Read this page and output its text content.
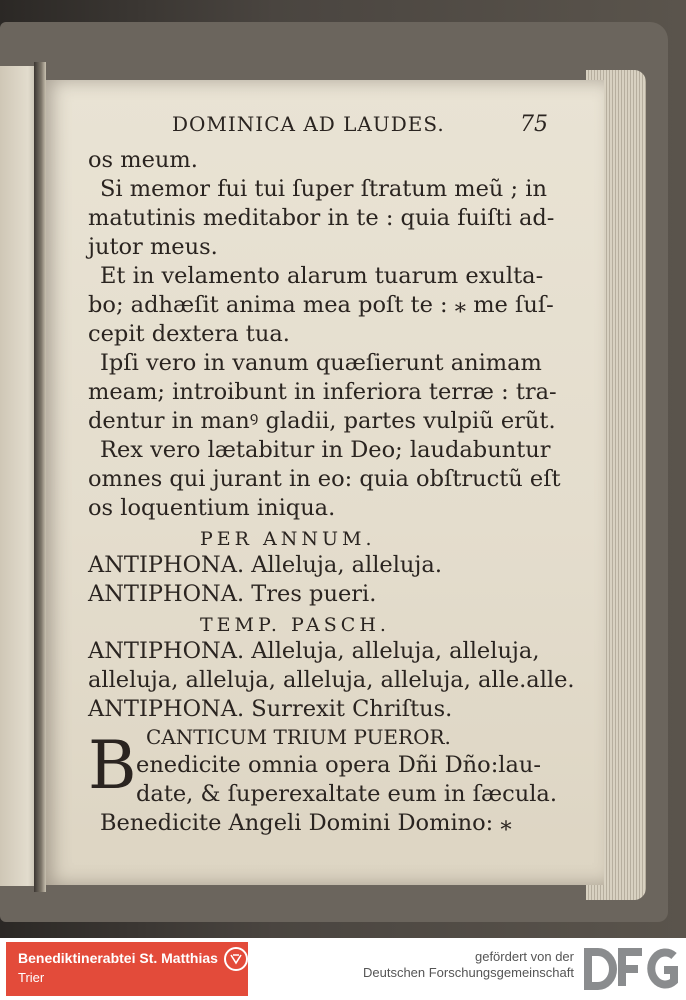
DOMINICA AD LAUDES.	75
os meum.
Si memor fui tui ſuper ſtratum meũ ; in
matutinis meditabor in te : quia fuiſti ad-
jutor meus.
Et in velamento alarum tuarum exulta-
bo; adhæſit anima mea poſt te : ⁎ me ſuſ-
cepit dextera tua.
Ipſi vero in vanum quæſierunt animam
meam; introibunt in inferiora terræ : tra-
dentur in manꝰ gladii, partes vulpiũ erũt.
Rex vero lætabitur in Deo; laudabuntur
omnes qui jurant in eo: quia obſtructũ eſt
os loquentium iniqua.
PER ANNUM.
ANTIPHONA. Alleluja, alleluja.
ANTIPHONA. Tres pueri.
TEMP. PASCH.
ANTIPHONA. Alleluja, alleluja, alleluja,
alleluja, alleluja, alleluja, alleluja, alle.alle.
ANTIPHONA. Surrexit Chriſtus.
CANTICUM TRIUM PUEROR.
B enedicite omnia opera Dñi Dño:lau-
date, & ſuperexaltate eum in ſæcula.
Benedicite Angeli Domini Domino: ⁎
Benediktinerabtei St. Matthias
Trier
gefördert von der
Deutschen Forschungsgemeinschaft
